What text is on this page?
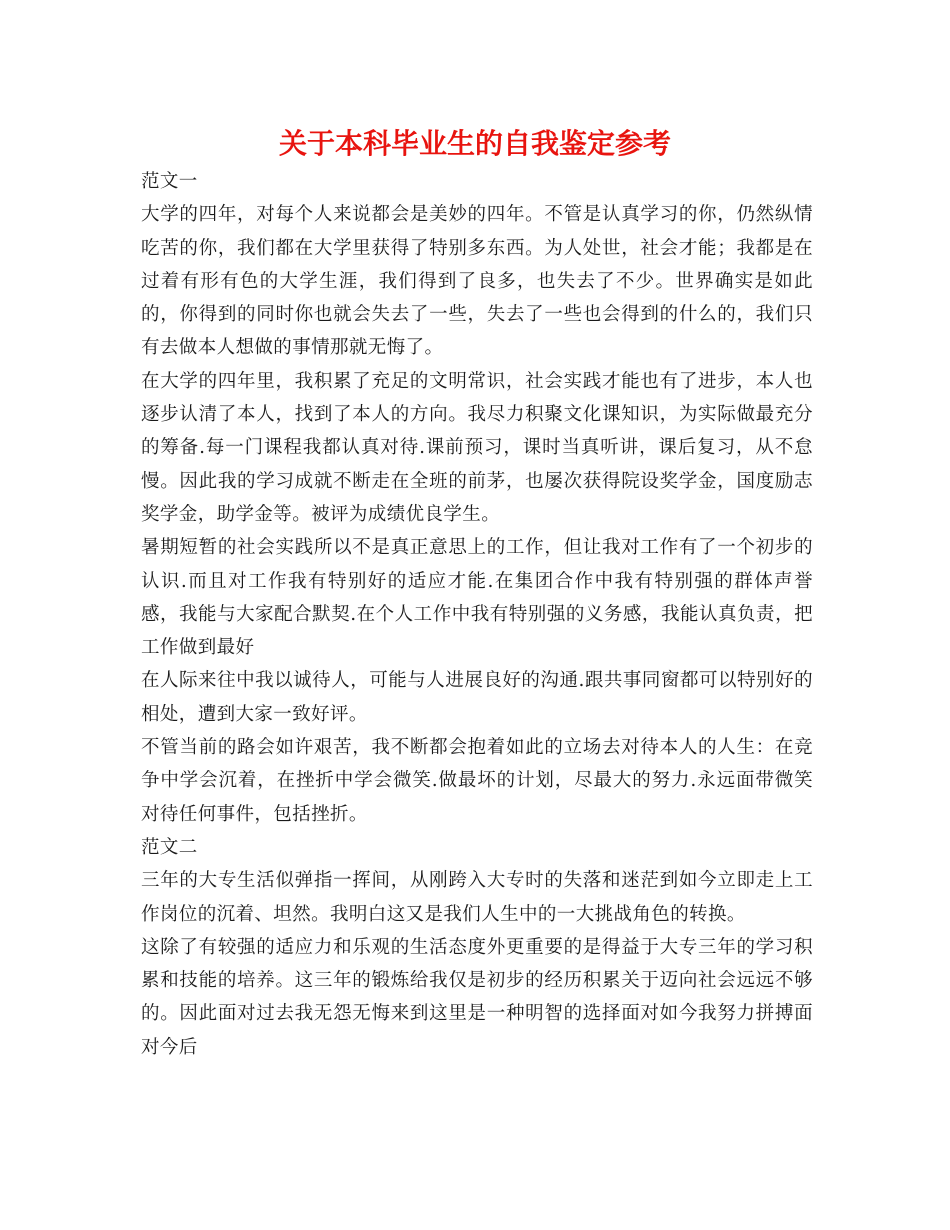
关于本科毕业生的自我鉴定参考

范文一

大学的四年，对每个人来说都会是美妙的四年。不管是认真学习的你，仍然纵情吃苦的你，我们都在大学里获得了特别多东西。为人处世，社会才能；我都是在过着有形有色的大学生涯，我们得到了良多，也失去了不少。世界确实是如此的，你得到的同时你也就会失去了一些，失去了一些也会得到的什么的，我们只有去做本人想做的事情那就无悔了。

在大学的四年里，我积累了充足的文明常识，社会实践才能也有了进步，本人也逐步认清了本人，找到了本人的方向。我尽力积聚文化课知识，为实际做最充分的筹备.每一门课程我都认真对待.课前预习，课时当真听讲，课后复习，从不怠慢。因此我的学习成就不断走在全班的前茅，也屡次获得院设奖学金，国度励志奖学金，助学金等。被评为成绩优良学生。

暑期短暂的社会实践所以不是真正意思上的工作，但让我对工作有了一个初步的认识.而且对工作我有特别好的适应才能.在集团合作中我有特别强的群体声誉感，我能与大家配合默契.在个人工作中我有特别强的义务感，我能认真负责，把工作做到最好

在人际来往中我以诚待人，可能与人进展良好的沟通.跟共事同窗都可以特别好的相处，遭到大家一致好评。

不管当前的路会如许艰苦，我不断都会抱着如此的立场去对待本人的人生：在竞争中学会沉着，在挫折中学会微笑.做最坏的计划，尽最大的努力.永远面带微笑对待任何事件，包括挫折。

范文二

三年的大专生活似弹指一挥间，从刚跨入大专时的失落和迷茫到如今立即走上工作岗位的沉着、坦然。我明白这又是我们人生中的一大挑战角色的转换。

这除了有较强的适应力和乐观的生活态度外更重要的是得益于大专三年的学习积累和技能的培养。这三年的锻炼给我仅是初步的经历积累关于迈向社会远远不够的。因此面对过去我无怨无悔来到这里是一种明智的选择面对如今我努力拼搏面对今后
